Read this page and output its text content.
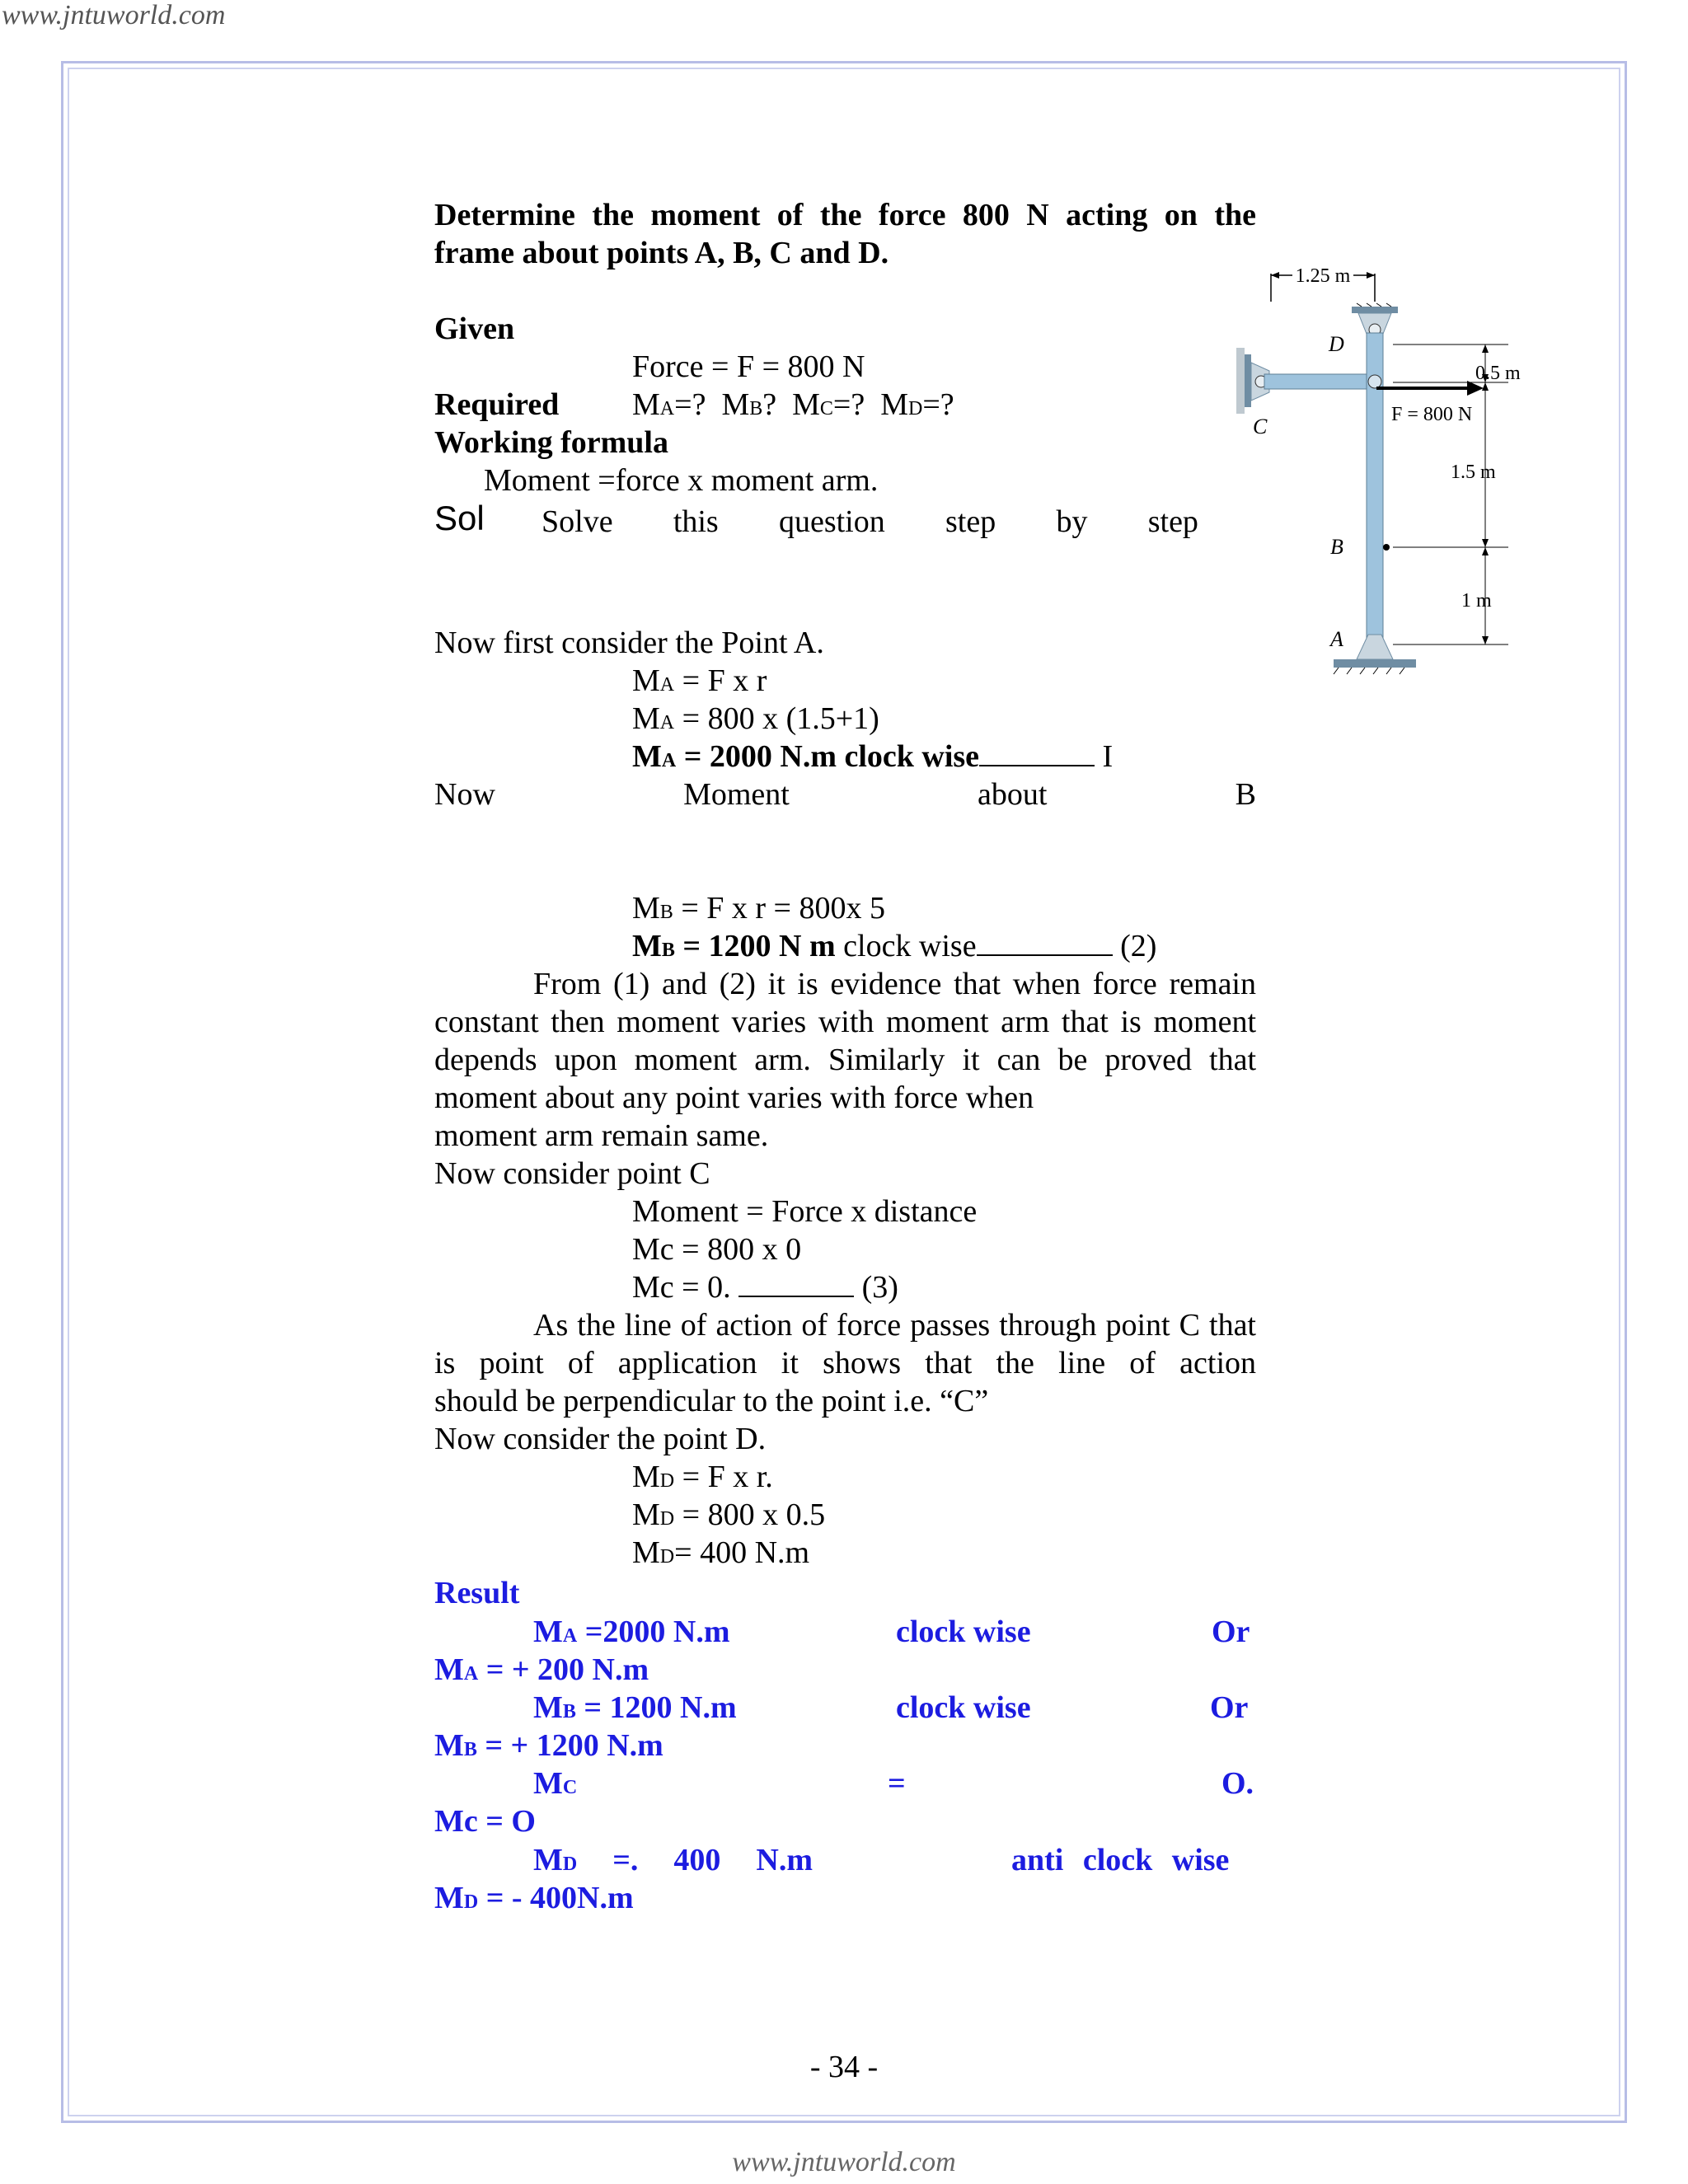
www.jntuworld.com
Determine the moment of the force 800 N acting on the
frame about points A, B, C and D.
Given
Force = F = 800 N
Required MA=?  MB?  MC=?  MD=?
Working formula
Moment =force x moment arm.
Sol Solve this question step by step
Now first consider the Point A.
MA = F x r
MA = 800 x (1.5+1)
MA = 2000 N.m clock wise	I
Now	Moment	about	B
MB = F x r = 800x 5
MB = 1200 N m clock wise	(2)
From (1) and (2) it is evidence that when force remain constant then moment varies with moment arm that is moment depends upon moment arm. Similarly it can be proved that moment about any point varies with force when
moment arm remain same.
Now consider point C
Moment = Force x distance
Mc = 800 x 0
Mc = 0.	(3)
As the line of action of force passes through point C that is point of application it shows that the line of action
should be perpendicular to the point i.e. “C”
Now consider the point D.
MD = F x r.
MD = 800 x 0.5
MD= 400 N.m
Result
MA =2000 N.m	clock wise	Or
MA = + 200 N.m
MB = 1200 N.m	clock wise	Or
MB = + 1200 N.m
MC	=	O.
Mc = O
MD  =.  400  N.m	anti clock wise
MD = - 400N.m
- 34 -
www.jntuworld.com
1.25 m
F = 800 N
0.5 m
1.5 m
1 m
D
C
B
A
